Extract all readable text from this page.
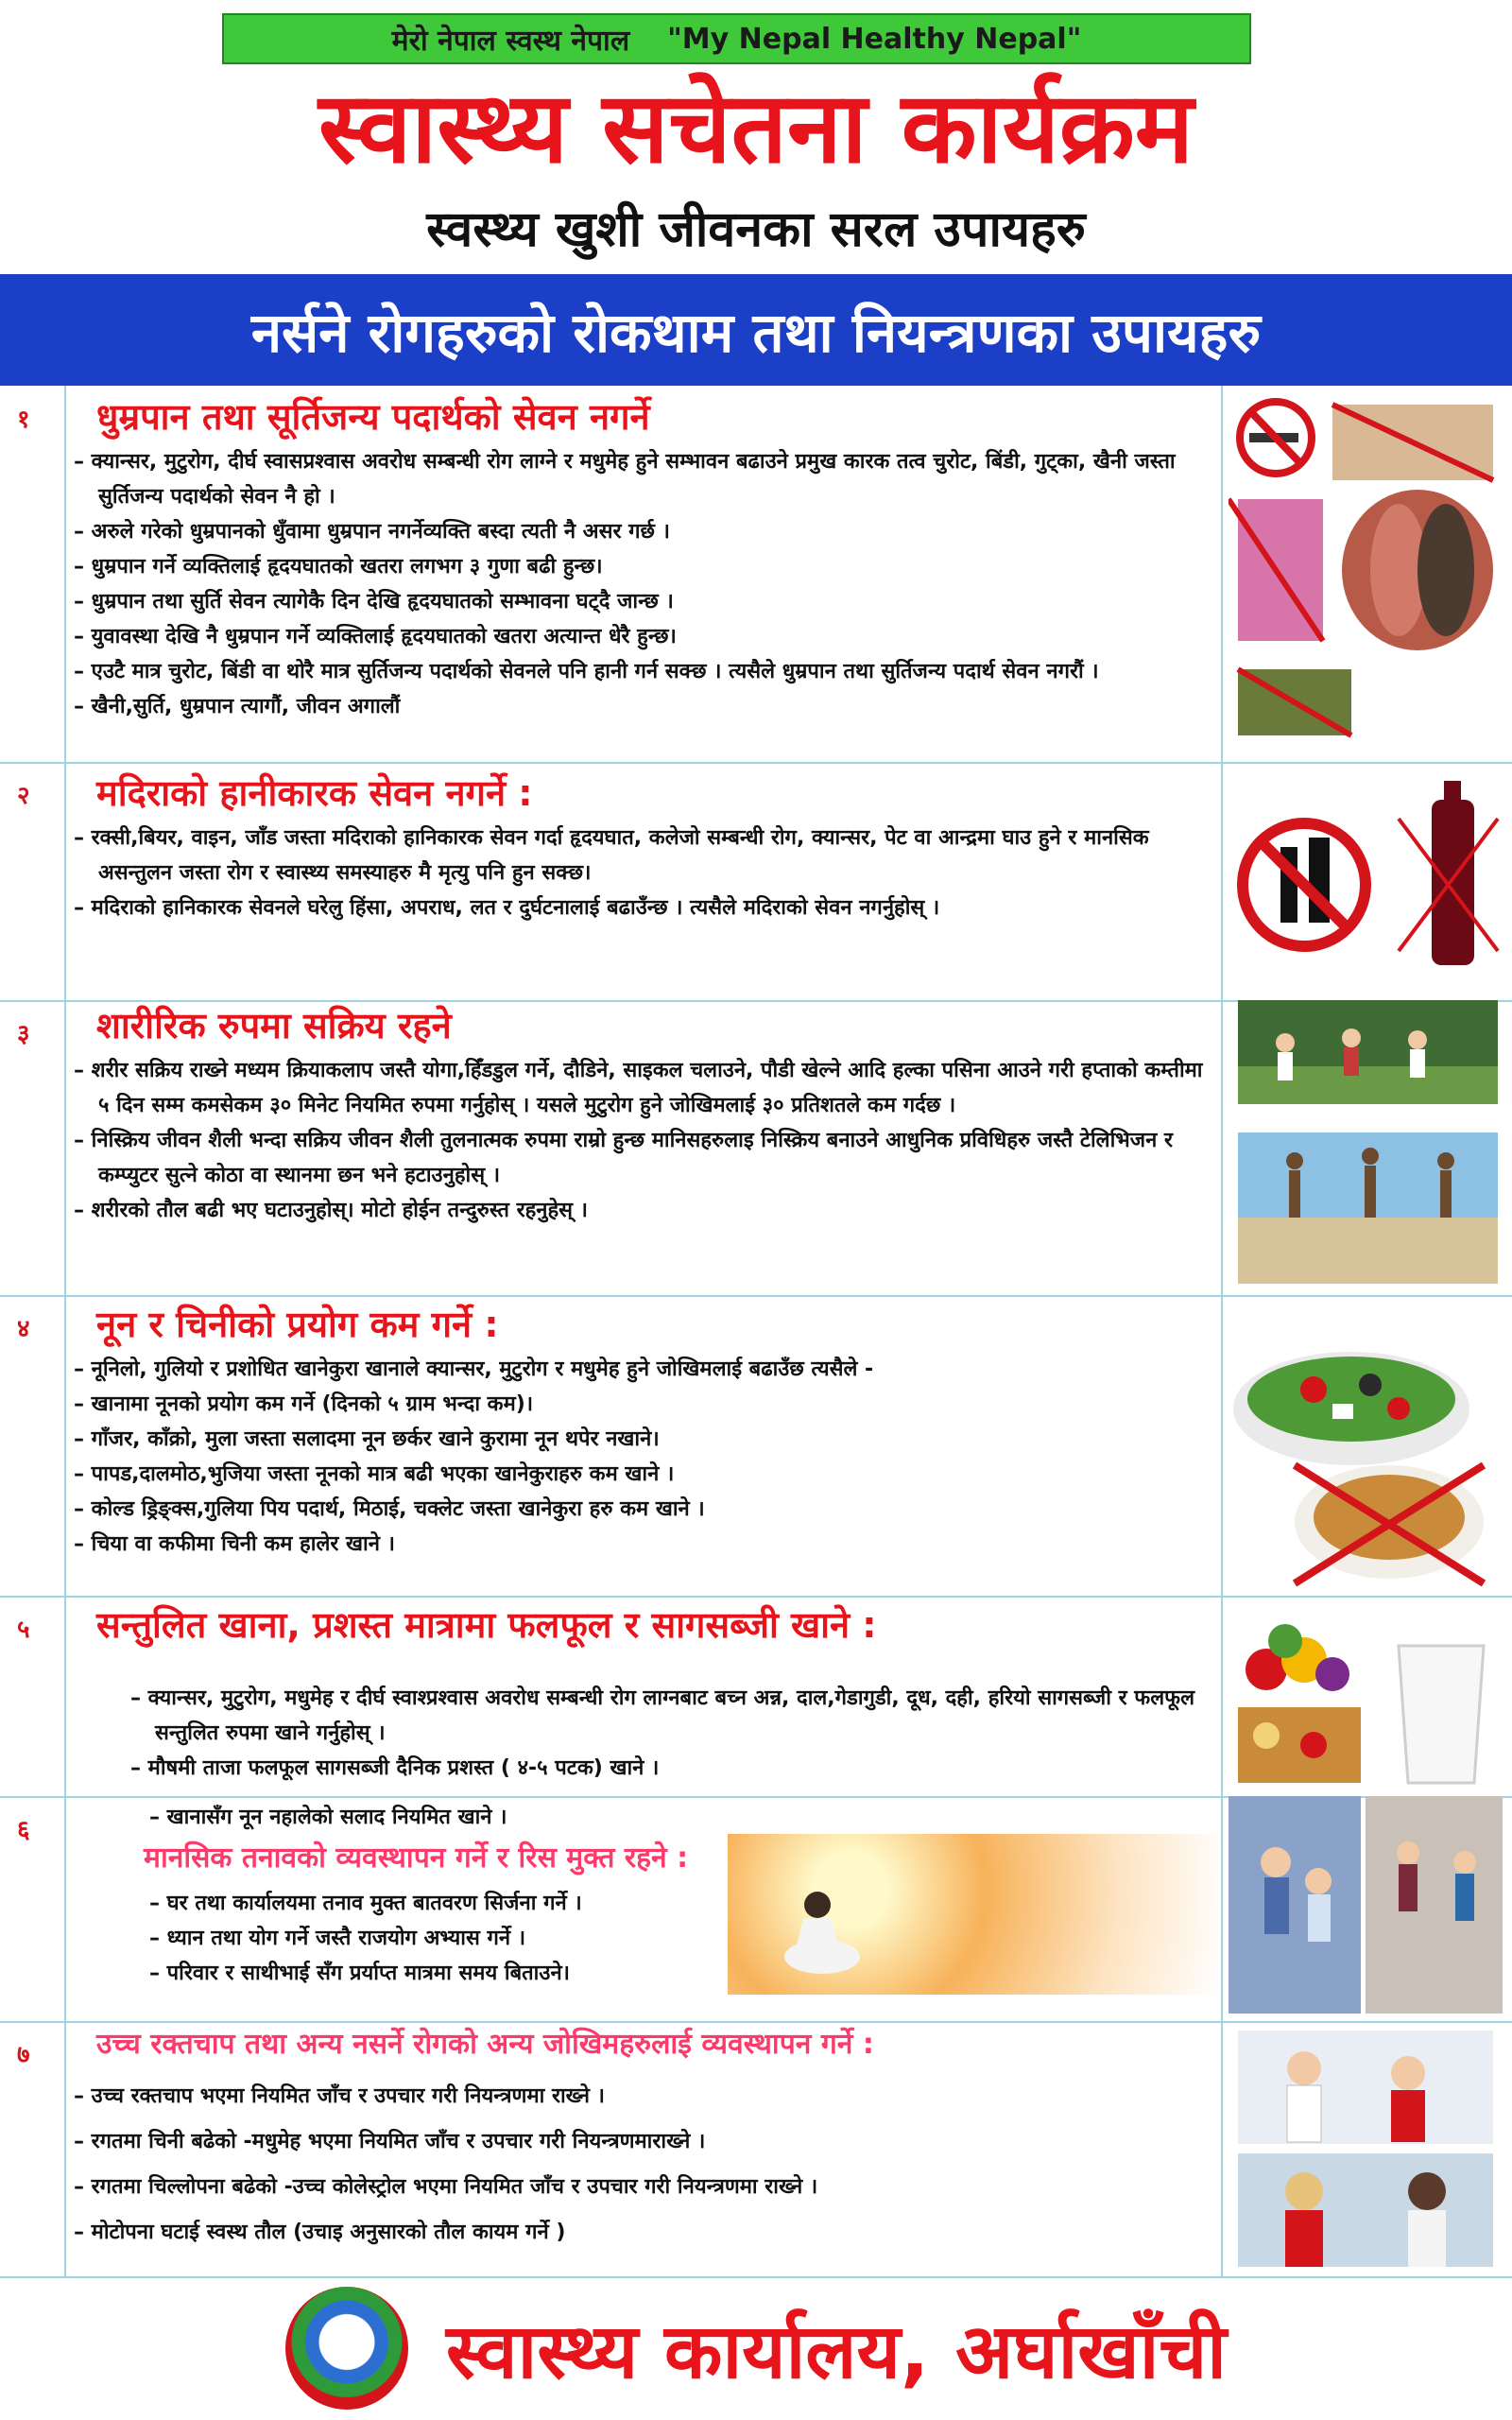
मेरो नेपाल स्वस्थ नेपाल "My Nepal Healthy Nepal"
स्वास्थ्य सचेतना कार्यक्रम
स्वस्थ्य खुशी जीवनका सरल उपायहरु
नर्सने रोगहरुको रोकथाम तथा नियन्त्रणका उपायहरु
१	धुम्रपान तथा सूर्तिजन्य पदार्थको सेवन नगर्ने
– क्यान्सर, मुटुरोग, दीर्घ स्वासप्रश्वास अवरोध सम्बन्धी रोग लाग्ने र मधुमेह हुने सम्भावन बढाउने प्रमुख कारक तत्व चुरोट, बिंडी, गुट्का, खैनी जस्ता सुर्तिजन्य पदार्थको सेवन नै हो ।
– अरुले गरेको धुम्रपानको धुँवामा धुम्रपान नगर्नेव्यक्ति बस्दा त्यती नै असर गर्छ ।
– धुम्रपान गर्ने व्यक्तिलाई हृदयघातको खतरा लगभग ३ गुणा बढी हुन्छ।
– धुम्रपान तथा सुर्ति सेवन त्यागेकै दिन देखि हृदयघातको सम्भावना घट्दै जान्छ ।
– युवावस्था देखि नै धुम्रपान गर्ने व्यक्तिलाई हृदयघातको खतरा अत्यान्त धेरै हुन्छ।
– एउटै मात्र चुरोट, बिंडी वा थोरै मात्र सुर्तिजन्य पदार्थको सेवनले पनि हानी गर्न सक्छ । त्यसैले धुम्रपान तथा सुर्तिजन्य पदार्थ सेवन नगरौं ।
– खैनी,सुर्ति, धुम्रपान त्यागौं, जीवन अगालौं
२	मदिराको हानीकारक सेवन नगर्ने :
– रक्सी,बियर, वाइन, जाँड जस्ता मदिराको हानिकारक सेवन गर्दा हृदयघात, कलेजो सम्बन्धी रोग, क्यान्सर, पेट वा आन्द्रमा घाउ हुने र मानसिक असन्तुलन जस्ता रोग र स्वास्थ्य समस्याहरु मै मृत्यु पनि हुन सक्छ।
– मदिराको हानिकारक सेवनले घरेलु हिंसा, अपराध, लत र दुर्घटनालाई बढाउँन्छ । त्यसैले मदिराको सेवन नगर्नुहोस् ।
३	शारीरिक रुपमा सक्रिय रहने
– शरीर सक्रिय राख्ने मध्यम क्रियाकलाप जस्तै योगा,हिँडडुल गर्ने, दौडिने, साइकल चलाउने, पौडी खेल्ने आदि हल्का पसिना आउने गरी हप्ताको कम्तीमा ५ दिन सम्म कमसेकम ३० मिनेट नियमित रुपमा गर्नुहोस् । यसले मुटुरोग हुने जोखिमलाई ३० प्रतिशतले कम गर्दछ ।
– निस्क्रिय जीवन शैली भन्दा सक्रिय जीवन शैली तुलनात्मक रुपमा राम्रो हुन्छ मानिसहरुलाइ निस्क्रिय बनाउने आधुनिक प्रविधिहरु जस्तै टेलिभिजन र कम्प्युटर सुत्ने कोठा वा स्थानमा छन भने हटाउनुहोस् ।
– शरीरको तौल बढी भए घटाउनुहोस्। मोटो होईन तन्दुरुस्त रहनुहेस् ।
४	नून र चिनीको प्रयोग कम गर्ने :
– नूनिलो, गुलियो र प्रशोधित खानेकुरा खानाले क्यान्सर, मुटुरोग र मधुमेह हुने जोखिमलाई बढाउँछ त्यसैले -
– खानामा नूनको प्रयोग कम गर्ने (दिनको ५ ग्राम भन्दा कम)।
– गाँजर, काँक्रो, मुला जस्ता सलादमा नून छर्कर खाने कुरामा नून थपेर नखाने।
– पापड,दालमोठ,भुजिया जस्ता नूनको मात्र बढी भएका खानेकुराहरु कम खाने ।
– कोल्ड ड्रिङ्क्स,गुलिया पिय पदार्थ, मिठाई, चक्लेट जस्ता खानेकुरा हरु कम खाने ।
– चिया वा कफीमा चिनी कम हालेर खाने ।
५	सन्तुलित खाना, प्रशस्त मात्रामा फलफूल र सागसब्जी खाने :
– क्यान्सर, मुटुरोग, मधुमेह र दीर्घ स्वाश्प्रश्वास अवरोध सम्बन्धी रोग लाग्नबाट बच्न अन्न, दाल,गेडागुडी, दूध, दही, हरियो सागसब्जी र फलफूल सन्तुलित रुपमा खाने गर्नुहोस् ।
– मौषमी ताजा फलफूल सागसब्जी दैनिक प्रशस्त ( ४-५ पटक) खाने ।
६
–	खानासँग नून नहालेको सलाद नियमित खाने ।
मानसिक तनावको व्यवस्थापन गर्ने र रिस मुक्त रहने :
– घर तथा कार्यालयमा तनाव मुक्त बातवरण सिर्जना गर्ने ।
– ध्यान तथा योग गर्ने जस्तै राजयोग अभ्यास गर्ने ।
– परिवार र साथीभाई सँग प्रर्याप्त मात्रमा समय बिताउने।
७	उच्च रक्तचाप तथा अन्य नसर्ने रोगको अन्य जोखिमहरुलाई व्यवस्थापन गर्ने :
– उच्च रक्तचाप भएमा नियमित जाँच र उपचार गरी नियन्त्रणमा राख्ने ।
– रगतमा चिनी बढेको -मधुमेह भएमा नियमित जाँच र उपचार गरी नियन्त्रणमाराख्ने ।
– रगतमा चिल्लोपना बढेको -उच्च कोलेस्ट्रोल भएमा नियमित जाँच र उपचार गरी नियन्त्रणमा राख्ने ।
– मोटोपना घटाई स्वस्थ तौल (उचाइ अनुसारको तौल कायम गर्ने )
स्वास्थ्य कार्यालय, अर्घाखाँची
